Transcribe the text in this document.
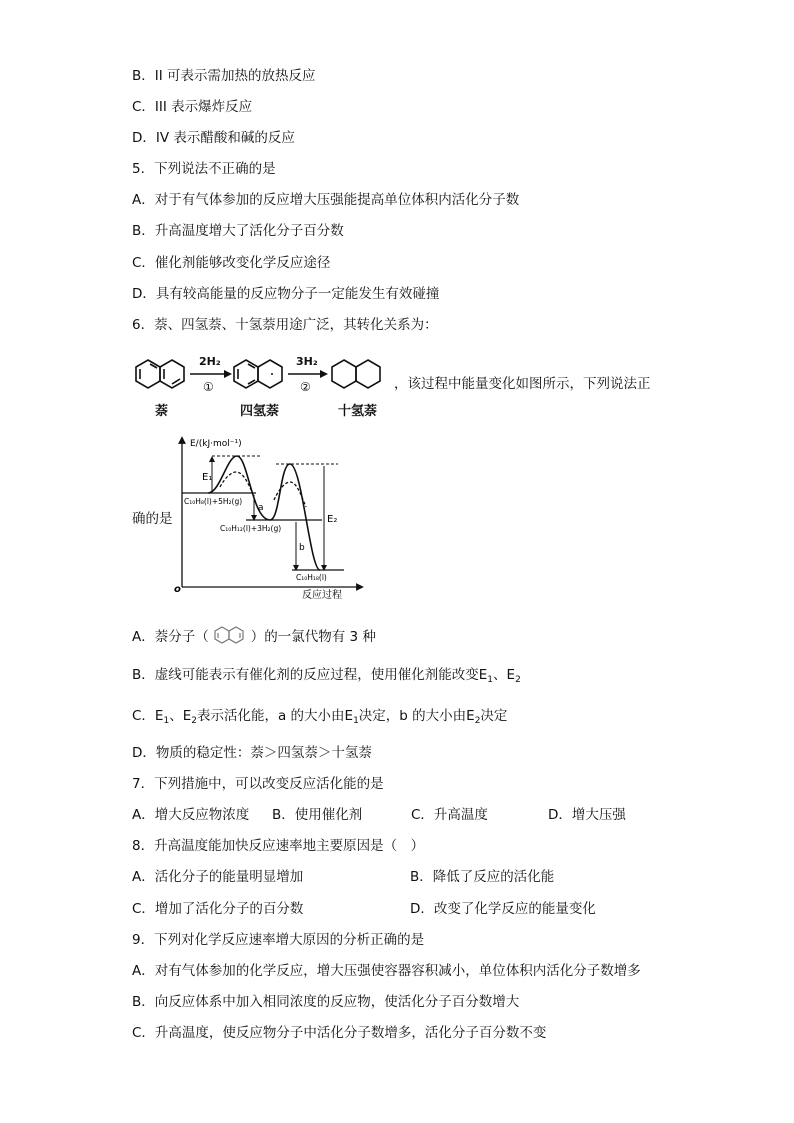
B．II 可表示需加热的放热反应
C．III 表示爆炸反应
D．IV 表示醋酸和碱的反应
5．下列说法不正确的是
A．对于有气体参加的反应增大压强能提高单位体积内活化分子数
B．升高温度增大了活化分子百分数
C．催化剂能够改变化学反应途径
D．具有较高能量的反应物分子一定能发生有效碰撞
6．萘、四氢萘、十氢萘用途广泛，其转化关系为：
2H₂
①
3H₂
②
萘	四氢萘	十氢萘
，该过程中能量变化如图所示，下列说法正
E/(kJ·mol⁻¹)
反应过程
o
E₁
a
E₂
b
C₁₀H₈(l)+5H₂(g)
C₁₀H₁₂(l)+3H₂(g)
C₁₀H₁₈(l)
确的是
A．萘分子（	）的一氯代物有 3 种
B．虚线可能表示有催化剂的反应过程，使用催化剂能改变$E_1$、$E_2$
C．$E_1$、$E_2$表示活化能，a 的大小由$E_1$决定，b 的大小由$E_2$决定
D．物质的稳定性：萘＞四氢萘＞十氢萘
7．下列措施中，可以改变反应活化能的是
A．增大反应物浓度 B．使用催化剂	C．升高温度	D．增大压强
8．升高温度能加快反应速率地主要原因是（　）
A．活化分子的能量明显增加	B．降低了反应的活化能
C．增加了活化分子的百分数	D．改变了化学反应的能量变化
9．下列对化学反应速率增大原因的分析正确的是
A．对有气体参加的化学反应，增大压强使容器容积减小，单位体积内活化分子数增多
B．向反应体系中加入相同浓度的反应物，使活化分子百分数增大
C．升高温度，使反应物分子中活化分子数增多，活化分子百分数不变
